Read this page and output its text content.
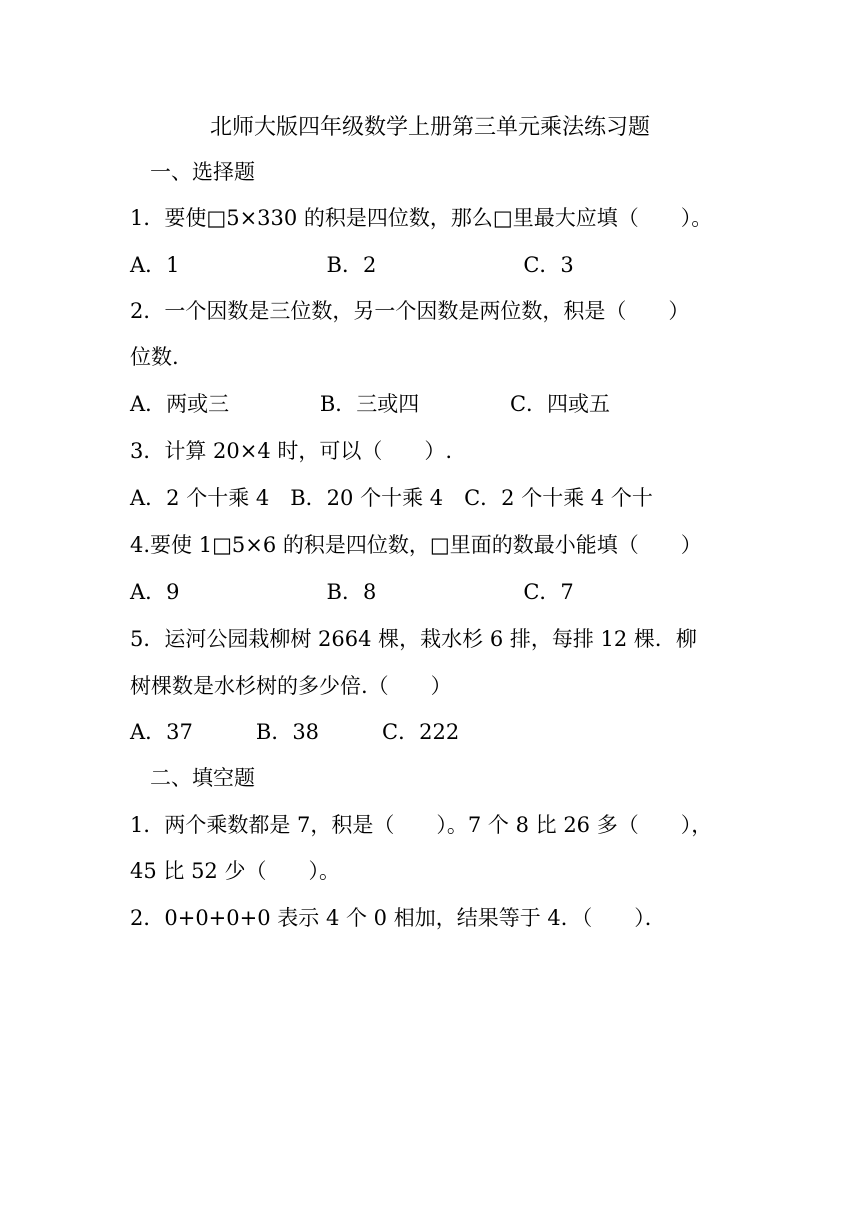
北师大版四年级数学上册第三单元乘法练习题
一、选择题
1．要使□5×330 的积是四位数，那么□里最大应填（　　）。
A．1　　　　　　　B．2　　　　　　　C．3
2．一个因数是三位数，另一个因数是两位数，积是（　　）
位数.
A．两或三　　　　 B．三或四　　　　 C．四或五
3．计算 20×4 时，可以（　　）.
A．2 个十乘 4　B．20 个十乘 4　C．2 个十乘 4 个十
4.要使 1□5×6 的积是四位数，□里面的数最小能填（　　）
A．9　　　　　　　B．8　　　　　　　C．7
5．运河公园栽柳树 2664 棵，栽水杉 6 排，每排 12 棵．柳
树棵数是水杉树的多少倍.（　　）
A．37　　　B．38　　　C．222
二、填空题
1．两个乘数都是 7，积是（　　）。7 个 8 比 26 多（　　），
45 比 52 少（　　）。
2．0+0+0+0 表示 4 个 0 相加，结果等于 4．（　　）．
